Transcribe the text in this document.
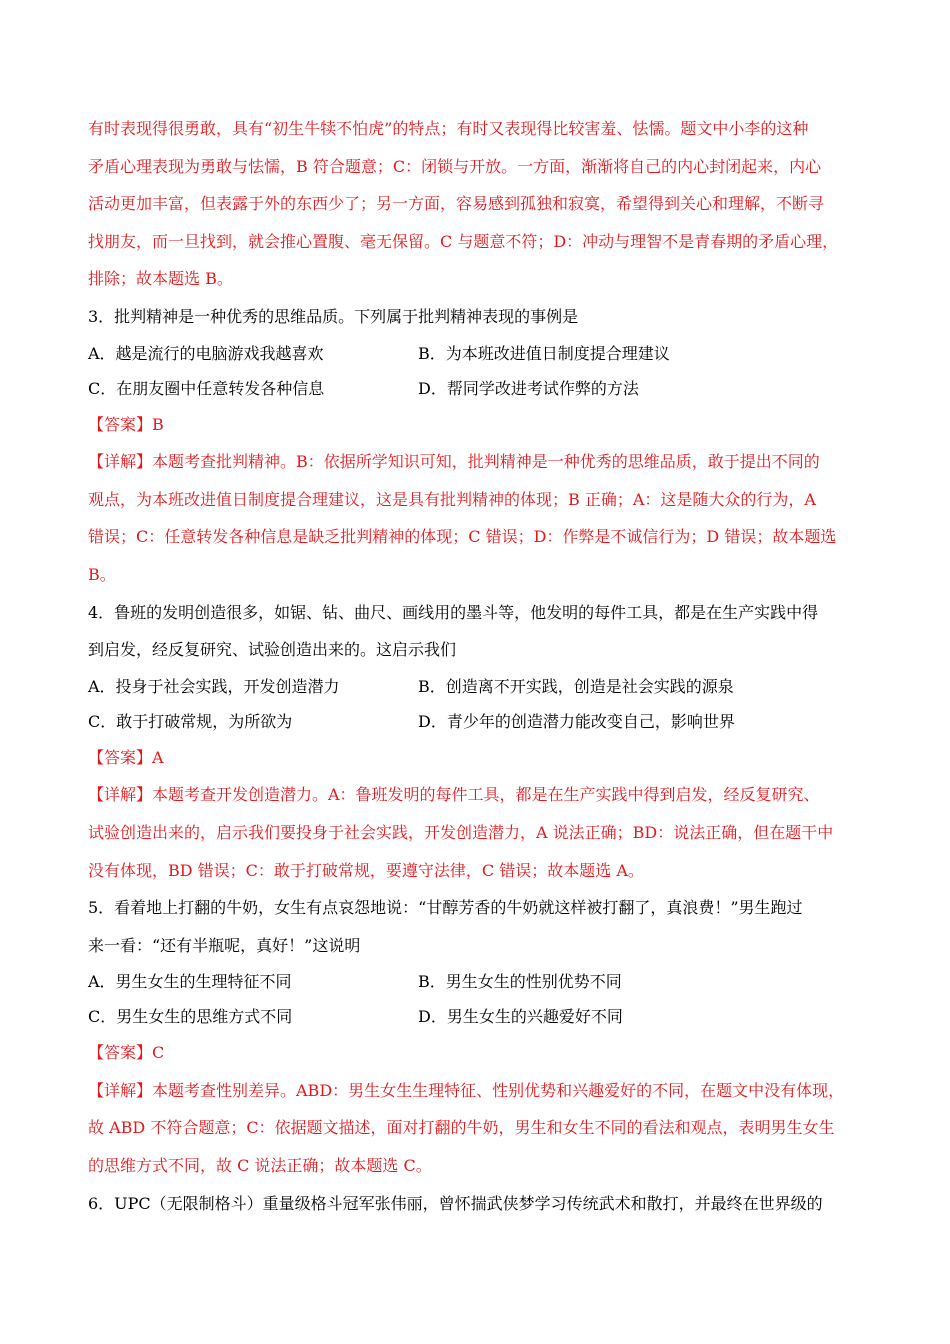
有时表现得很勇敢，具有“初生牛犊不怕虎”的特点；有时又表现得比较害羞、怯懦。题文中小李的这种
矛盾心理表现为勇敢与怯懦，B 符合题意；C：闭锁与开放。一方面，渐渐将自己的内心封闭起来，内心
活动更加丰富，但表露于外的东西少了；另一方面，容易感到孤独和寂寞，希望得到关心和理解，不断寻
找朋友，而一旦找到，就会推心置腹、毫无保留。C 与题意不符；D：冲动与理智不是青春期的矛盾心理，
排除；故本题选 B。
3．批判精神是一种优秀的思维品质。下列属于批判精神表现的事例是
A．越是流行的电脑游戏我越喜欢	B．为本班改进值日制度提合理建议
C．在朋友圈中任意转发各种信息	D．帮同学改进考试作弊的方法
【答案】B
【详解】本题考查批判精神。B：依据所学知识可知，批判精神是一种优秀的思维品质，敢于提出不同的
观点，为本班改进值日制度提合理建议，这是具有批判精神的体现；B 正确；A：这是随大众的行为，A
错误；C：任意转发各种信息是缺乏批判精神的体现；C 错误；D：作弊是不诚信行为；D 错误；故本题选
B。
4．鲁班的发明创造很多，如锯、钻、曲尺、画线用的墨斗等，他发明的每件工具，都是在生产实践中得
到启发，经反复研究、试验创造出来的。这启示我们
A．投身于社会实践，开发创造潜力	B．创造离不开实践，创造是社会实践的源泉
C．敢于打破常规，为所欲为	D．青少年的创造潜力能改变自己，影响世界
【答案】A
【详解】本题考查开发创造潜力。A：鲁班发明的每件工具，都是在生产实践中得到启发，经反复研究、
试验创造出来的，启示我们要投身于社会实践，开发创造潜力，A 说法正确；BD：说法正确，但在题干中
没有体现，BD 错误；C：敢于打破常规，要遵守法律，C 错误；故本题选 A。
5．看着地上打翻的牛奶，女生有点哀怨地说：“甘醇芳香的牛奶就这样被打翻了，真浪费！”男生跑过
来一看：“还有半瓶呢，真好！”这说明
A．男生女生的生理特征不同	B．男生女生的性别优势不同
C．男生女生的思维方式不同	D．男生女生的兴趣爱好不同
【答案】C
【详解】本题考查性别差异。ABD：男生女生生理特征、性别优势和兴趣爱好的不同，在题文中没有体现，
故 ABD 不符合题意；C：依据题文描述，面对打翻的牛奶，男生和女生不同的看法和观点，表明男生女生
的思维方式不同，故 C 说法正确；故本题选 C。
6．UPC（无限制格斗）重量级格斗冠军张伟丽，曾怀揣武侠梦学习传统武术和散打，并最终在世界级的
